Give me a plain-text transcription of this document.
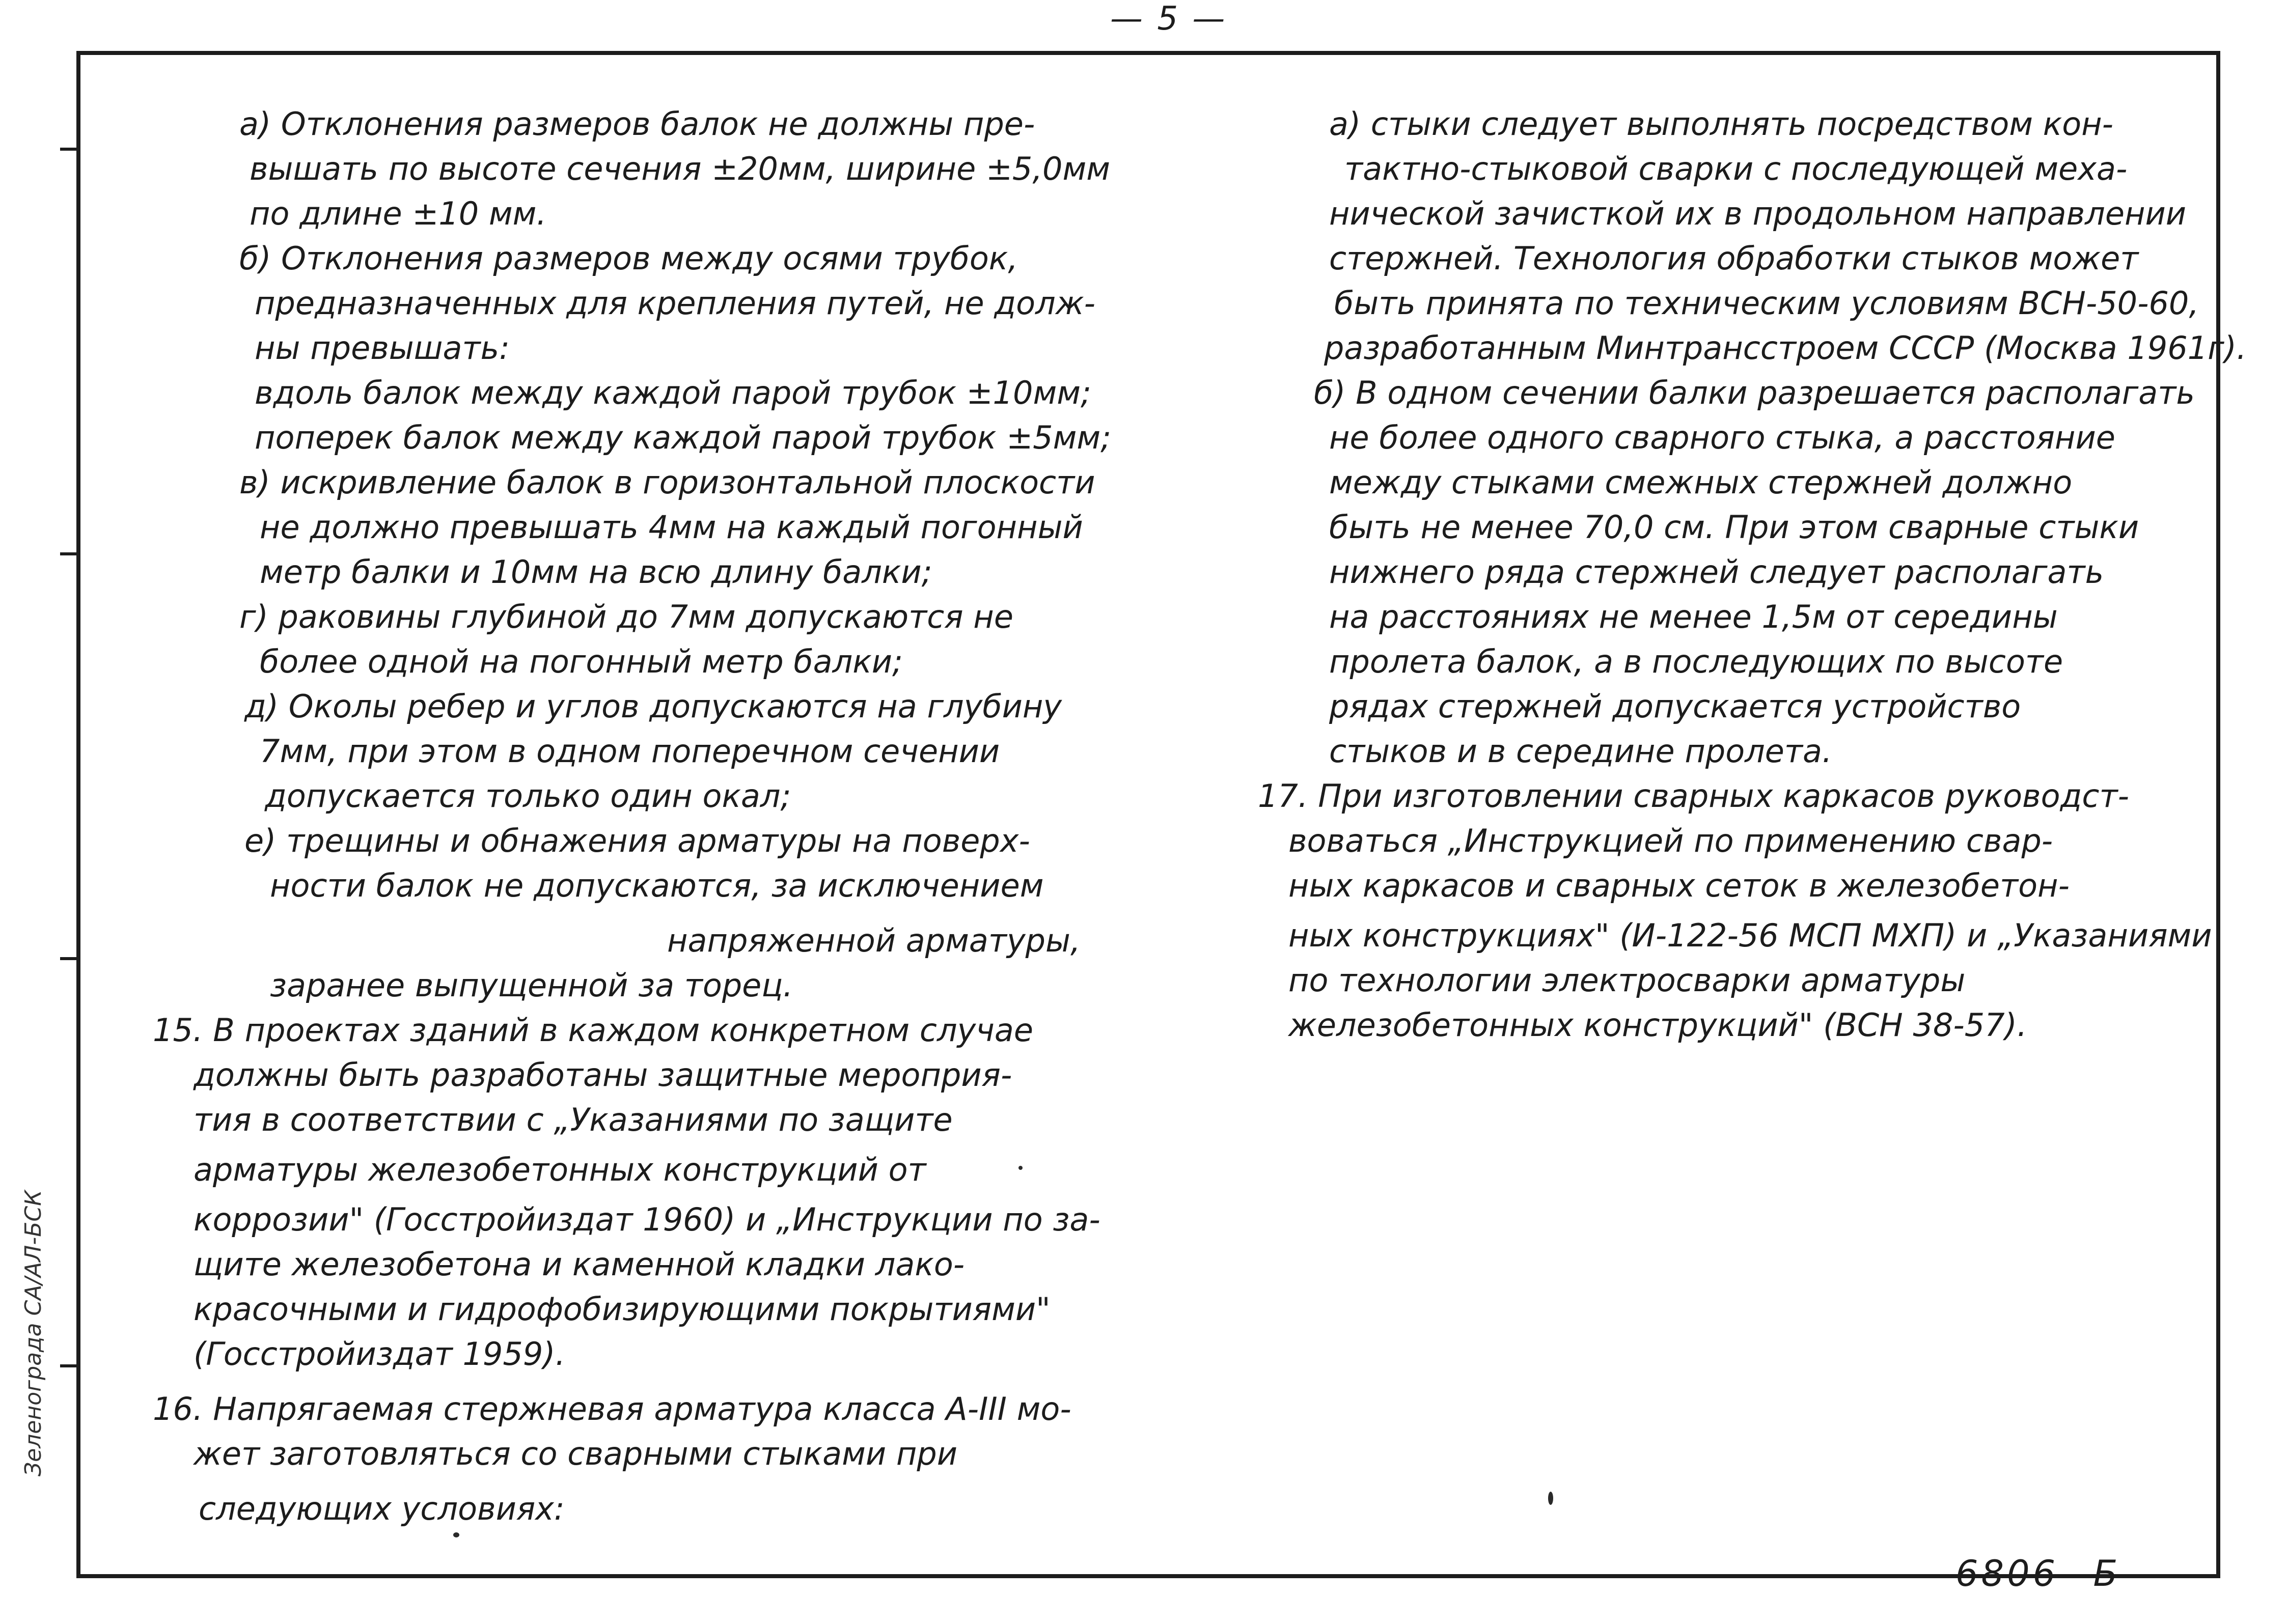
— 5 —
Зеленограда СА/АЛ-БСК
а) Отклонения размеров балок не должны пре-
вышать по высоте сечения ±20мм, ширине ±5,0мм
по длине ±10 мм.
б) Отклонения размеров между осями трубок,
предназначенных для крепления путей, не долж-
ны превышать:
вдоль балок между каждой парой трубок ±10мм;
поперек балок между каждой парой трубок ±5мм;
в) искривление балок в горизонтальной плоскости
не должно превышать 4мм на каждый погонный
метр балки и 10мм на всю длину балки;
г) раковины глубиной до 7мм допускаются не
более одной на погонный метр балки;
д) Околы ребер и углов допускаются на глубину
7мм, при этом в одном поперечном сечении
допускается только один окал;
е) трещины и обнажения арматуры на поверх-
ности балок не допускаются, за исключением
напряженной арматуры,
заранее выпущенной за торец.
15. В проектах зданий в каждом конкретном случае
должны быть разработаны защитные мероприя-
тия в соответствии с „Указаниями по защите
арматуры железобетонных конструкций от
коррозии" (Госстройиздат 1960) и „Инструкции по за-
щите железобетона и каменной кладки лако-
красочными и гидрофобизирующими покрытиями"
(Госстройиздат 1959).
16. Напрягаемая стержневая арматура класса А-III мо-
жет заготовляться со сварными стыками при
следующих условиях:
а) стыки следует выполнять посредством кон-
тактно-стыковой сварки с последующей меха-
нической зачисткой их в продольном направлении
стержней. Технология обработки стыков может
быть принята по техническим условиям ВСН-50-60,
разработанным Минтрансстроем СССР (Москва 1961г).
б) В одном сечении балки разрешается располагать
не более одного сварного стыка, а расстояние
между стыками смежных стержней должно
быть не менее 70,0 см. При этом сварные стыки
нижнего ряда стержней следует располагать
на расстояниях не менее 1,5м от середины
пролета балок, а в последующих по высоте
рядах стержней допускается устройство
стыков и в середине пролета.
17. При изготовлении сварных каркасов руководст-
воваться „Инструкцией по применению свар-
ных каркасов и сварных сеток в железобетон-
ных конструкциях" (И-122-56 МСП МХП) и „Указаниями
по технологии электросварки арматуры
железобетонных конструкций" (ВСН 38-57).
6806 Б
